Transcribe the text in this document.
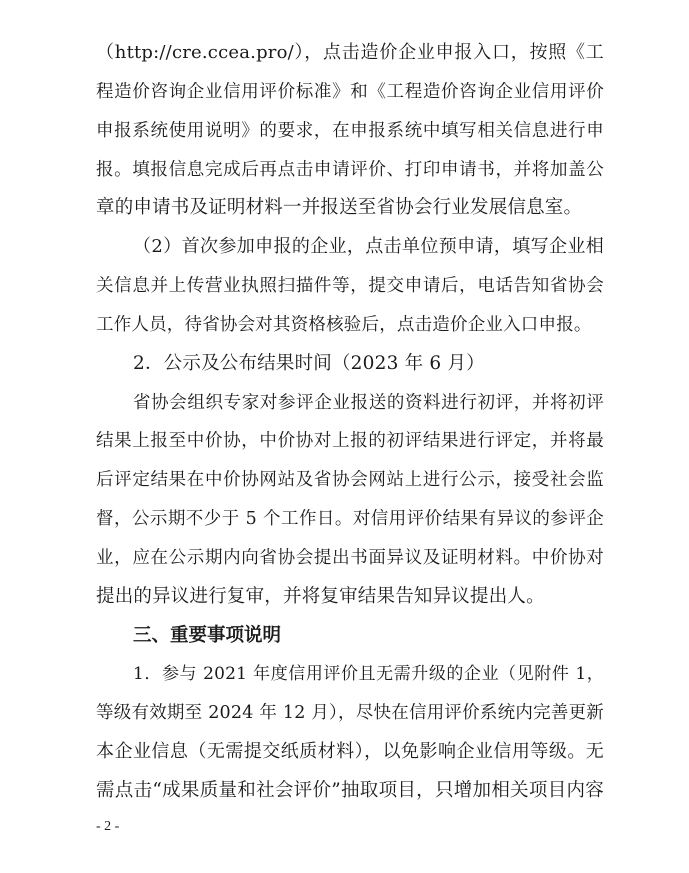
（http://cre.ccea.pro/），点击造价企业申报入口，按照《工
程造价咨询企业信用评价标准》和《工程造价咨询企业信用评价
申报系统使用说明》的要求，在申报系统中填写相关信息进行申
报。填报信息完成后再点击申请评价、打印申请书，并将加盖公
章的申请书及证明材料一并报送至省协会行业发展信息室。
（2）首次参加申报的企业，点击单位预申请，填写企业相
关信息并上传营业执照扫描件等，提交申请后，电话告知省协会
工作人员，待省协会对其资格核验后，点击造价企业入口申报。
2．公示及公布结果时间（2023 年 6 月）
省协会组织专家对参评企业报送的资料进行初评，并将初评
结果上报至中价协，中价协对上报的初评结果进行评定，并将最
后评定结果在中价协网站及省协会网站上进行公示，接受社会监
督，公示期不少于 5 个工作日。对信用评价结果有异议的参评企
业，应在公示期内向省协会提出书面异议及证明材料。中价协对
提出的异议进行复审，并将复审结果告知异议提出人。
三、重要事项说明
1．参与 2021 年度信用评价且无需升级的企业（见附件 1，
等级有效期至 2024 年 12 月），尽快在信用评价系统内完善更新
本企业信息（无需提交纸质材料），以免影响企业信用等级。无
需点击“成果质量和社会评价”抽取项目，只增加相关项目内容
- 2 -
